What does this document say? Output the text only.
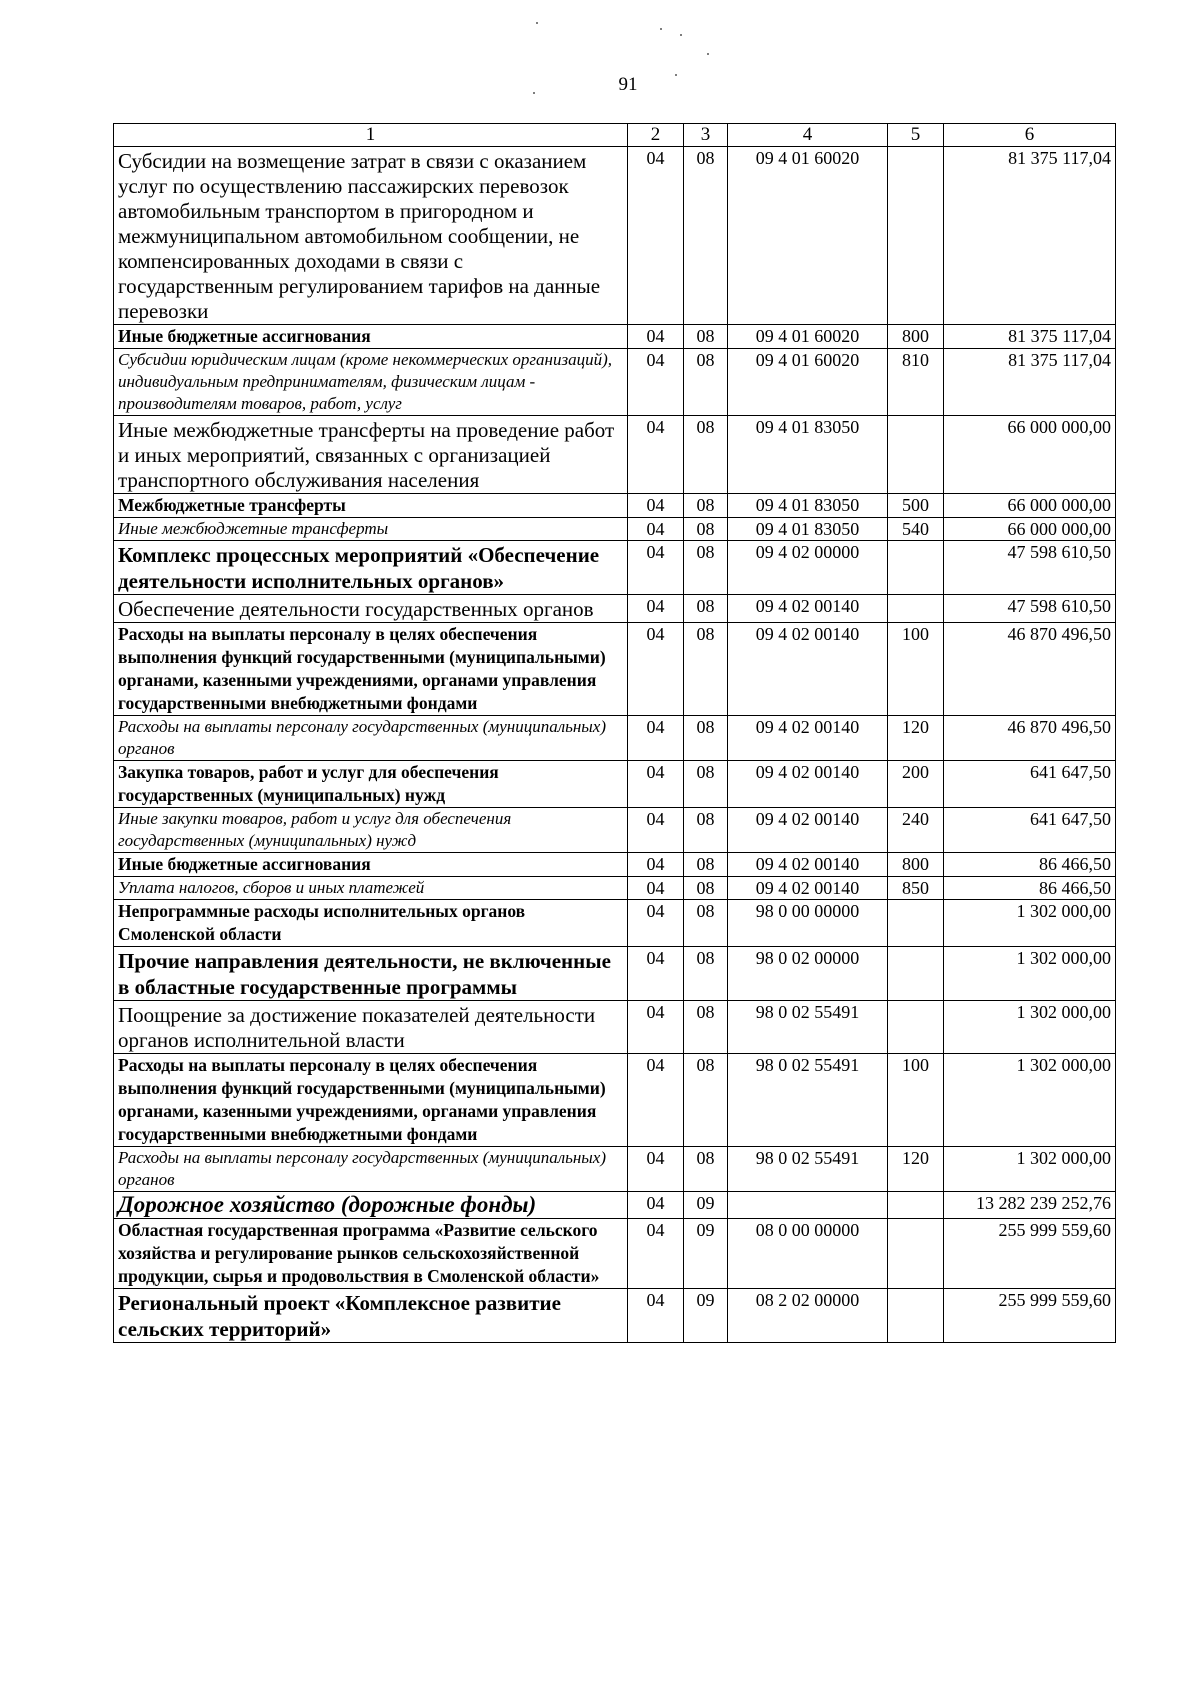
91
1	2	3	4	5	6
Субсидии на возмещение затрат в связи с оказанием услуг по осуществлению пассажирских перевозок автомобильным транспортом в пригородном и межмуниципальном автомобильном сообщении, не компенсированных доходами в связи с государственным регулированием тарифов на данные перевозки	04	08	09 4 01 60020		81 375 117,04
Иные бюджетные ассигнования	04	08	09 4 01 60020	800	81 375 117,04
Субсидии юридическим лицам (кроме некоммерческих организаций), индивидуальным предпринимателям, физическим лицам - производителям товаров, работ, услуг	04	08	09 4 01 60020	810	81 375 117,04
Иные межбюджетные трансферты на проведение работ и иных мероприятий, связанных с организацией транспортного обслуживания населения	04	08	09 4 01 83050		66 000 000,00
Межбюджетные трансферты	04	08	09 4 01 83050	500	66 000 000,00
Иные межбюджетные трансферты	04	08	09 4 01 83050	540	66 000 000,00
Комплекс процессных мероприятий «Обеспечение деятельности исполнительных органов»	04	08	09 4 02 00000		47 598 610,50
Обеспечение деятельности государственных органов	04	08	09 4 02 00140		47 598 610,50
Расходы на выплаты персоналу в целях обеспечения выполнения функций государственными (муниципальными) органами, казенными учреждениями, органами управления государственными внебюджетными фондами	04	08	09 4 02 00140	100	46 870 496,50
Расходы на выплаты персоналу государственных (муниципальных) органов	04	08	09 4 02 00140	120	46 870 496,50
Закупка товаров, работ и услуг для обеспечения государственных (муниципальных) нужд	04	08	09 4 02 00140	200	641 647,50
Иные закупки товаров, работ и услуг для обеспечения государственных (муниципальных) нужд	04	08	09 4 02 00140	240	641 647,50
Иные бюджетные ассигнования	04	08	09 4 02 00140	800	86 466,50
Уплата налогов, сборов и иных платежей	04	08	09 4 02 00140	850	86 466,50
Непрограммные расходы исполнительных органов Смоленской области	04	08	98 0 00 00000		1 302 000,00
Прочие направления деятельности, не включенные в областные государственные программы	04	08	98 0 02 00000		1 302 000,00
Поощрение за достижение показателей деятельности органов исполнительной власти	04	08	98 0 02 55491		1 302 000,00
Расходы на выплаты персоналу в целях обеспечения выполнения функций государственными (муниципальными) органами, казенными учреждениями, органами управления государственными внебюджетными фондами	04	08	98 0 02 55491	100	1 302 000,00
Расходы на выплаты персоналу государственных (муниципальных) органов	04	08	98 0 02 55491	120	1 302 000,00
Дорожное хозяйство (дорожные фонды)	04	09			13 282 239 252,76
Областная государственная программа «Развитие сельского хозяйства и регулирование рынков сельскохозяйственной продукции, сырья и продовольствия в Смоленской области»	04	09	08 0 00 00000		255 999 559,60
Региональный проект «Комплексное развитие сельских территорий»	04	09	08 2 02 00000		255 999 559,60
